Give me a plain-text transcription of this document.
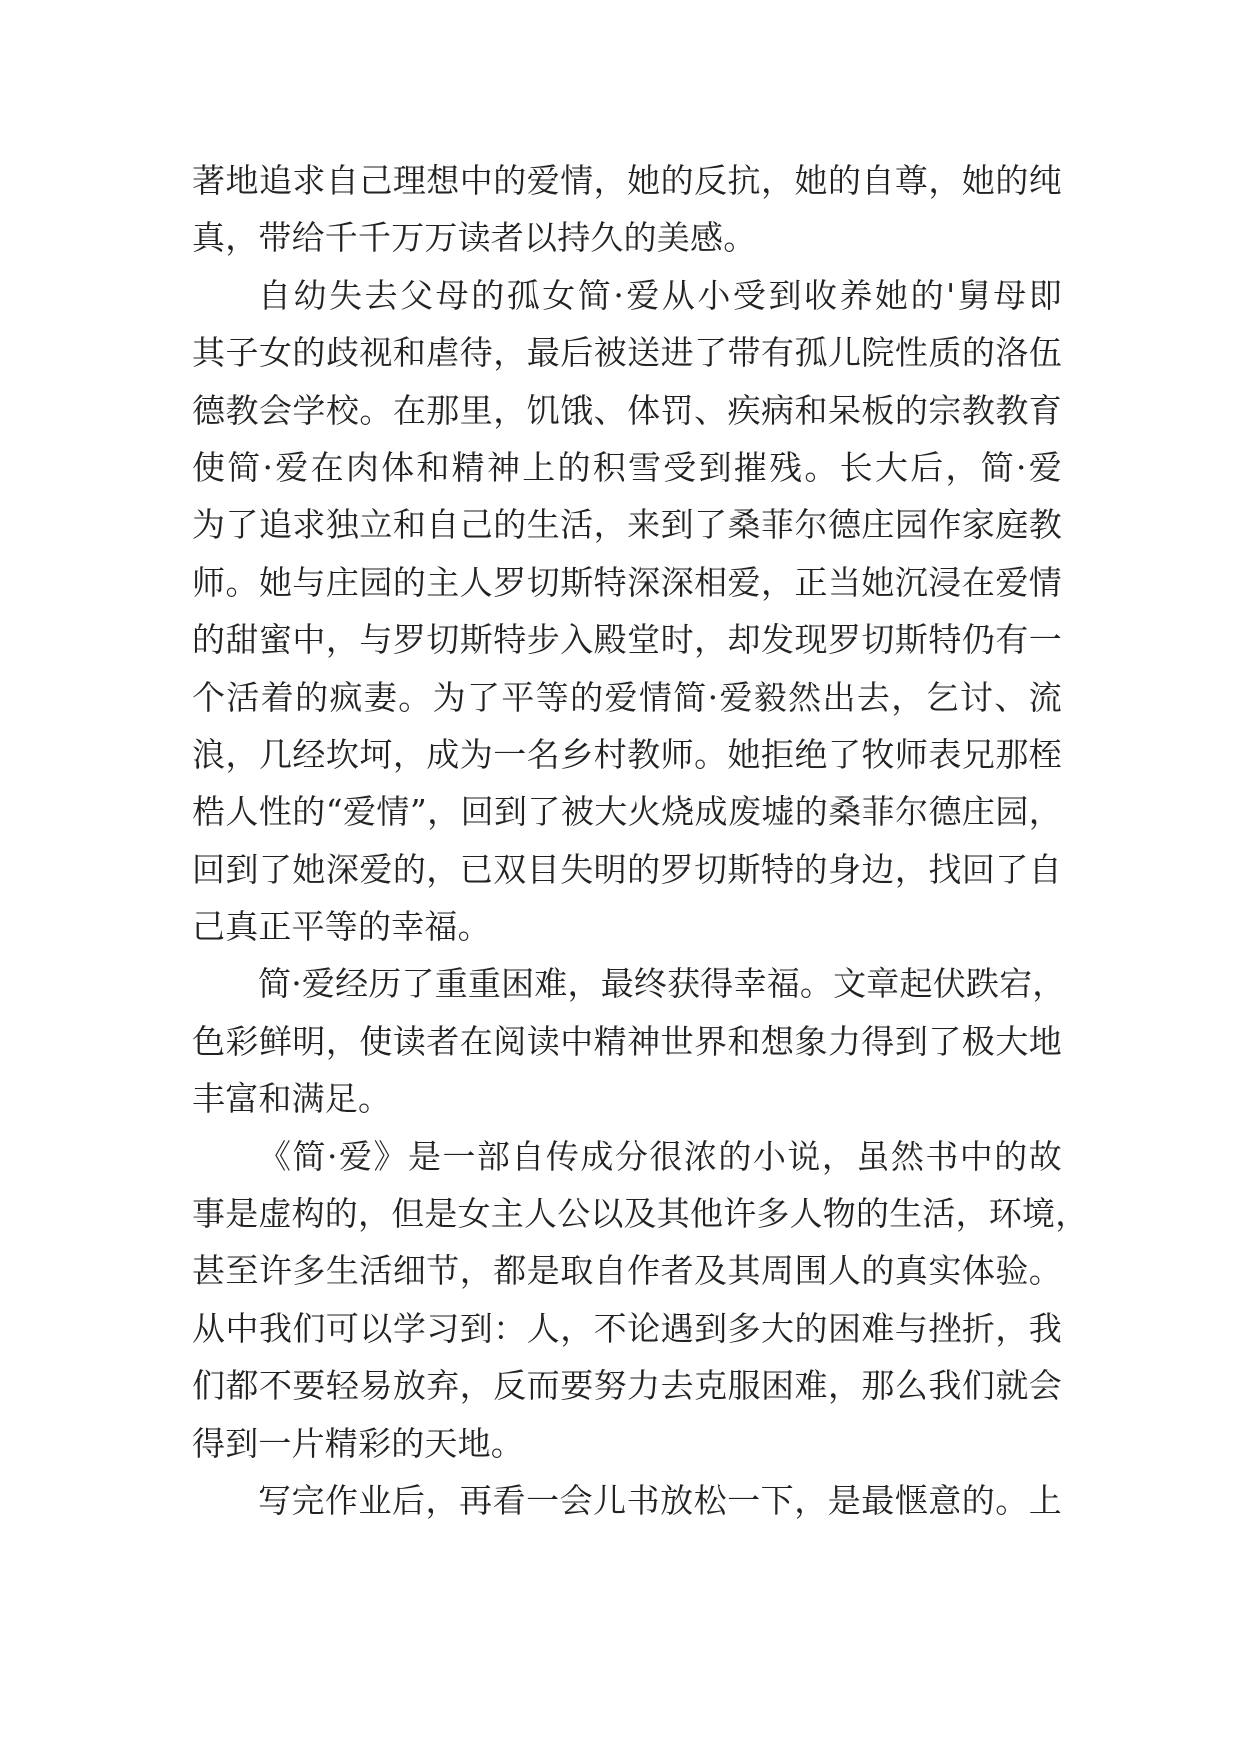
著地追求自己理想中的爱情，她的反抗，她的自尊，她的纯
真，带给千千万万读者以持久的美感。
自幼失去父母的孤女简·爱从小受到收养她的'舅母即
其子女的歧视和虐待，最后被送进了带有孤儿院性质的洛伍
德教会学校。在那里，饥饿、体罚、疾病和呆板的宗教教育
使简·爱在肉体和精神上的积雪受到摧残。长大后，简·爱
为了追求独立和自己的生活，来到了桑菲尔德庄园作家庭教
师。她与庄园的主人罗切斯特深深相爱，正当她沉浸在爱情
的甜蜜中，与罗切斯特步入殿堂时，却发现罗切斯特仍有一
个活着的疯妻。为了平等的爱情简·爱毅然出去，乞讨、流
浪，几经坎坷，成为一名乡村教师。她拒绝了牧师表兄那桎
梏人性的“爱情”，回到了被大火烧成废墟的桑菲尔德庄园，
回到了她深爱的，已双目失明的罗切斯特的身边，找回了自
己真正平等的幸福。
简·爱经历了重重困难，最终获得幸福。文章起伏跌宕，
色彩鲜明，使读者在阅读中精神世界和想象力得到了极大地
丰富和满足。
《简·爱》是一部自传成分很浓的小说，虽然书中的故
事是虚构的，但是女主人公以及其他许多人物的生活，环境，
甚至许多生活细节，都是取自作者及其周围人的真实体验。
从中我们可以学习到：人，不论遇到多大的困难与挫折，我
们都不要轻易放弃，反而要努力去克服困难，那么我们就会
得到一片精彩的天地。
写完作业后，再看一会儿书放松一下，是最惬意的。上
